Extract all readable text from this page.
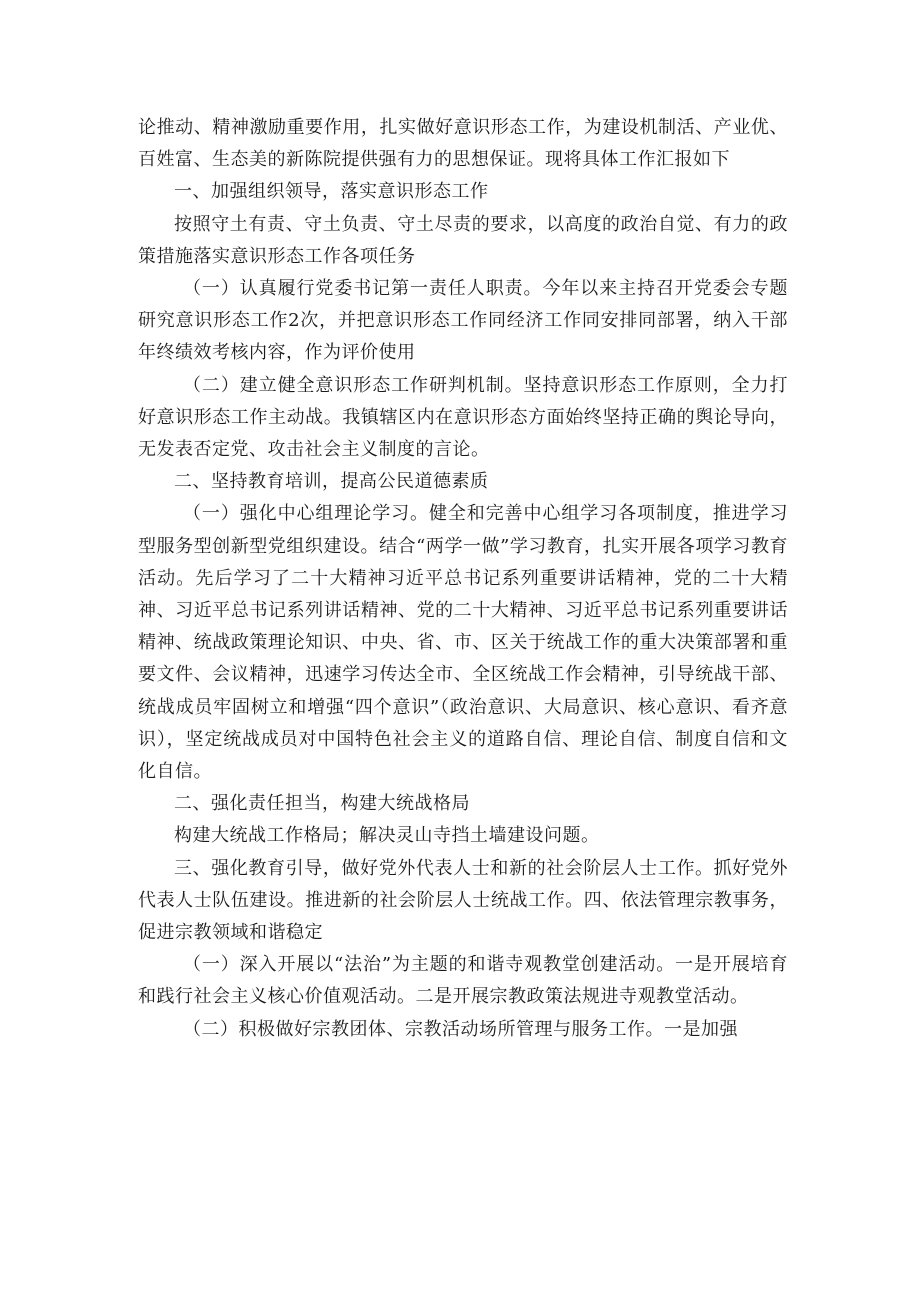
论推动、精神激励重要作用，扎实做好意识形态工作，为建设机制活、产业优、百姓富、生态美的新陈院提供强有力的思想保证。现将具体工作汇报如下

一、加强组织领导，落实意识形态工作

按照守土有责、守土负责、守土尽责的要求，以高度的政治自觉、有力的政策措施落实意识形态工作各项任务

（一）认真履行党委书记第一责任人职责。今年以来主持召开党委会专题研究意识形态工作2次，并把意识形态工作同经济工作同安排同部署，纳入干部年终绩效考核内容，作为评价使用

（二）建立健全意识形态工作研判机制。坚持意识形态工作原则，全力打好意识形态工作主动战。我镇辖区内在意识形态方面始终坚持正确的舆论导向，无发表否定党、攻击社会主义制度的言论。

二、坚持教育培训，提高公民道德素质

（一）强化中心组理论学习。健全和完善中心组学习各项制度，推进学习型服务型创新型党组织建设。结合“两学一做”学习教育，扎实开展各项学习教育活动。先后学习了二十大精神习近平总书记系列重要讲话精神，党的二十大精神、习近平总书记系列讲话精神、党的二十大精神、习近平总书记系列重要讲话精神、统战政策理论知识、中央、省、市、区关于统战工作的重大决策部署和重要文件、会议精神，迅速学习传达全市、全区统战工作会精神，引导统战干部、统战成员牢固树立和增强“四个意识”（政治意识、大局意识、核心意识、看齐意识），坚定统战成员对中国特色社会主义的道路自信、理论自信、制度自信和文化自信。

二、强化责任担当，构建大统战格局

构建大统战工作格局；解决灵山寺挡土墙建设问题。

三、强化教育引导，做好党外代表人士和新的社会阶层人士工作。抓好党外代表人士队伍建设。推进新的社会阶层人士统战工作。四、依法管理宗教事务，促进宗教领域和谐稳定

（一）深入开展以“法治”为主题的和谐寺观教堂创建活动。一是开展培育和践行社会主义核心价值观活动。二是开展宗教政策法规进寺观教堂活动。

（二）积极做好宗教团体、宗教活动场所管理与服务工作。一是加强
